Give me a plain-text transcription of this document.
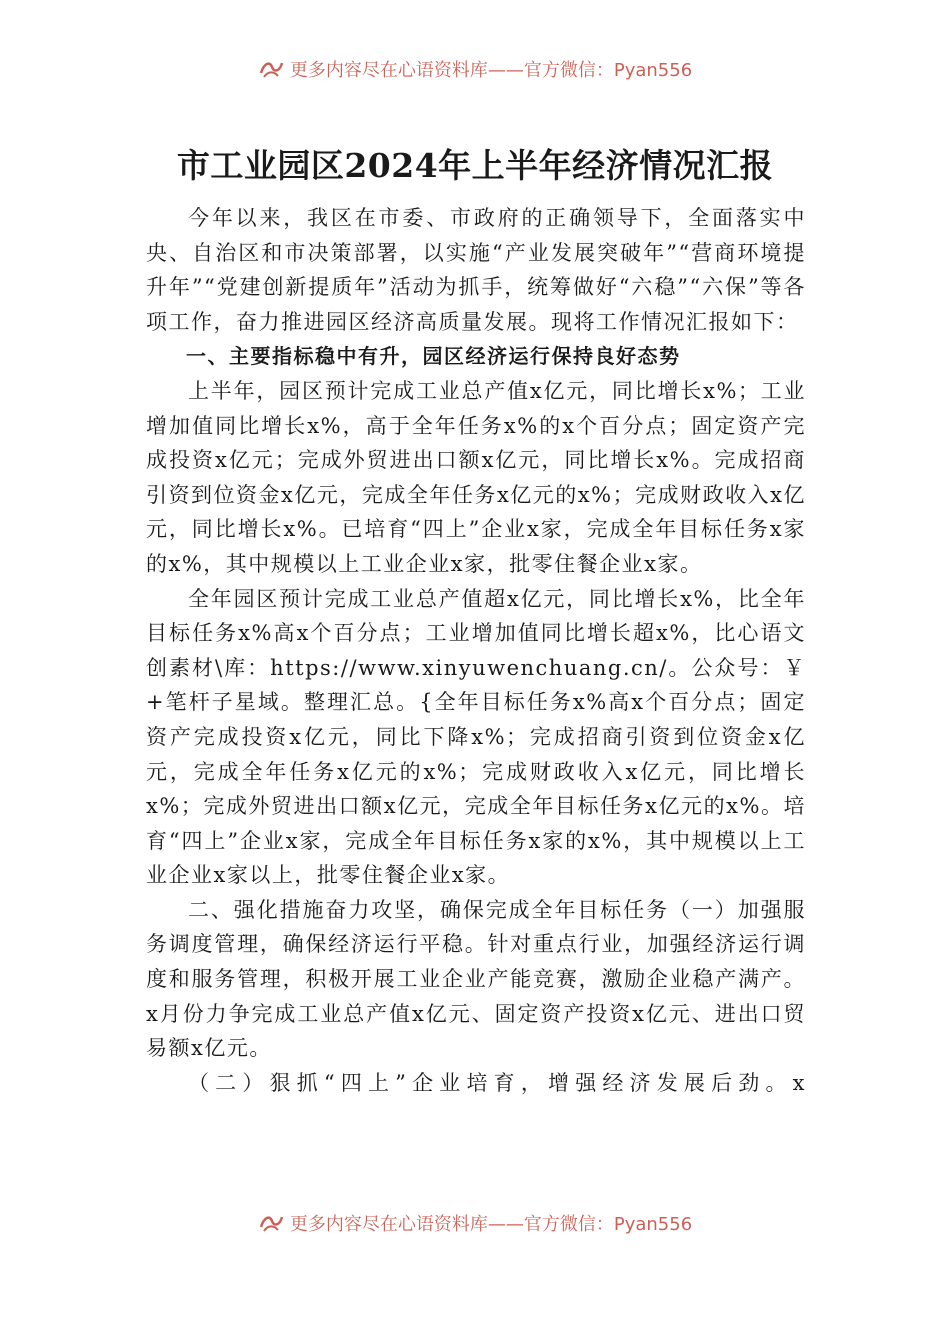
更多内容尽在心语资料库——官方微信：Pyan556
市工业园区2024年上半年经济情况汇报

今年以来，我区在市委、市政府的正确领导下，全面落实中央、自治区和市决策部署，以实施“产业发展突破年”“营商环境提升年”“党建创新提质年”活动为抓手，统筹做好“六稳”“六保”等各项工作，奋力推进园区经济高质量发展。现将工作情况汇报如下：

一、主要指标稳中有升，园区经济运行保持良好态势

上半年，园区预计完成工业总产值x亿元，同比增长x%；工业增加值同比增长x%，高于全年任务x%的x个百分点；固定资产完成投资x亿元；完成外贸进出口额x亿元，同比增长x%。完成招商引资到位资金x亿元，完成全年任务x亿元的x%；完成财政收入x亿元，同比增长x%。已培育“四上”企业x家，完成全年目标任务x家的x%，其中规模以上工业企业x家，批零住餐企业x家。

全年园区预计完成工业总产值超x亿元，同比增长x%，比全年目标任务x%高x个百分点；工业增加值同比增长超x%，比心语文创素材\库：https://www.xinyuwenchuang.cn/。公众号：￥+笔杆子星域。整理汇总。{全年目标任务x%高x个百分点；固定资产完成投资x亿元，同比下降x%；完成招商引资到位资金x亿元，完成全年任务x亿元的x%；完成财政收入x亿元，同比增长x%；完成外贸进出口额x亿元，完成全年目标任务x亿元的x%。培育“四上”企业x家，完成全年目标任务x家的x%，其中规模以上工业企业x家以上，批零住餐企业x家。

二、强化措施奋力攻坚，确保完成全年目标任务（一）加强服务调度管理，确保经济运行平稳。针对重点行业，加强经济运行调度和服务管理，积极开展工业企业产能竞赛，激励企业稳产满产。x月份力争完成工业总产值x亿元、固定资产投资x亿元、进出口贸易额x亿元。

（二）狠抓“四上”企业培育，增强经济发展后劲。x

更多内容尽在心语资料库——官方微信：Pyan556
